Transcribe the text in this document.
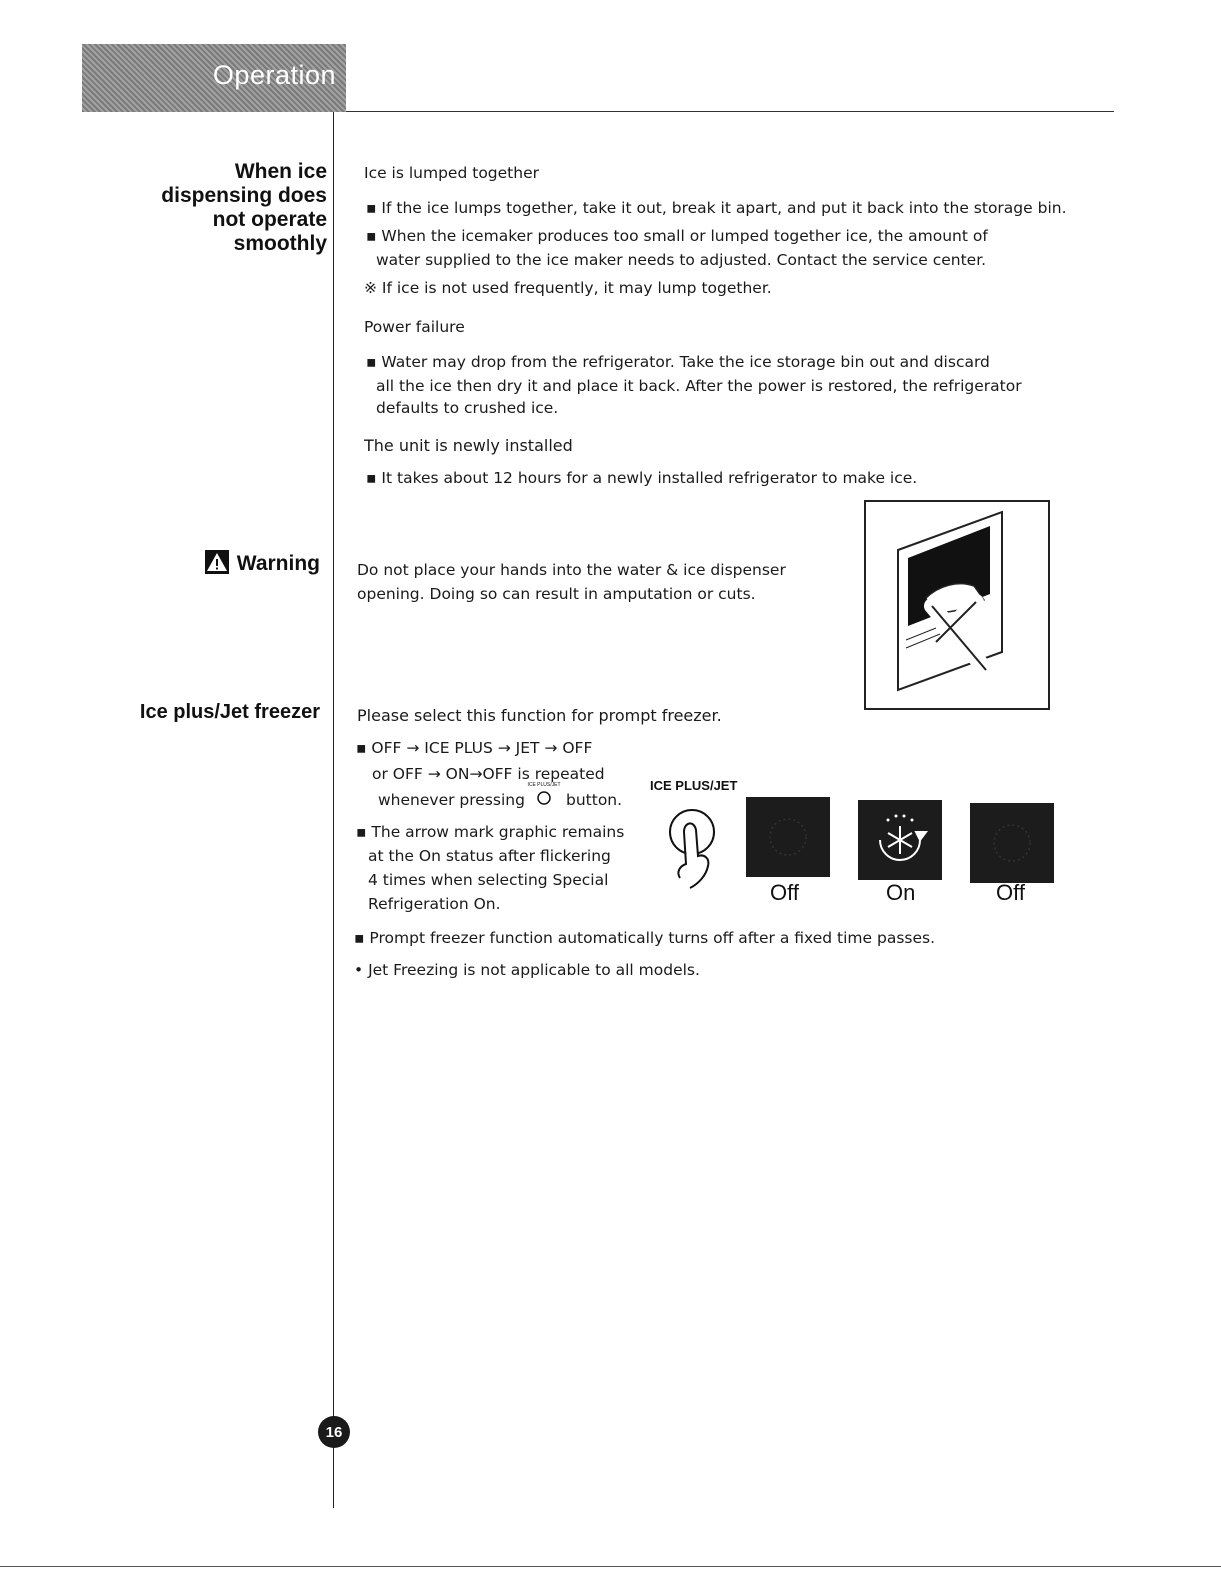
Operation
When ice
dispensing does
not operate
smoothly
Ice is lumped together
▪ If the ice lumps together, take it out, break it apart, and put it back into the storage bin.
▪ When the icemaker produces too small or lumped together ice, the amount of
water supplied to the ice maker needs to adjusted. Contact the service center.
※ If ice is not used frequently, it may lump together.
Power failure
▪ Water may drop from the refrigerator. Take the ice storage bin out and discard
all the ice then dry it and place it back. After the power is restored, the refrigerator
defaults to crushed ice.
The unit is newly installed
▪ It takes about 12 hours for a newly installed refrigerator to make ice.
Warning Do not place your hands into the water & ice dispenser
opening. Doing so can result in amputation or cuts.
Ice plus/Jet freezer Please select this function for prompt freezer.
▪ OFF → ICE PLUS → JET → OFF
or OFF → ON→OFF is repeated
whenever pressing
ICE PLUS/JET
button.
▪ The arrow mark graphic remains
at the On status after flickering
4 times when selecting Special
Refrigeration On.
ICE PLUS/JET
Off	On	Off
▪ Prompt freezer function automatically turns off after a fixed time passes.
• Jet Freezing is not applicable to all models.
16
